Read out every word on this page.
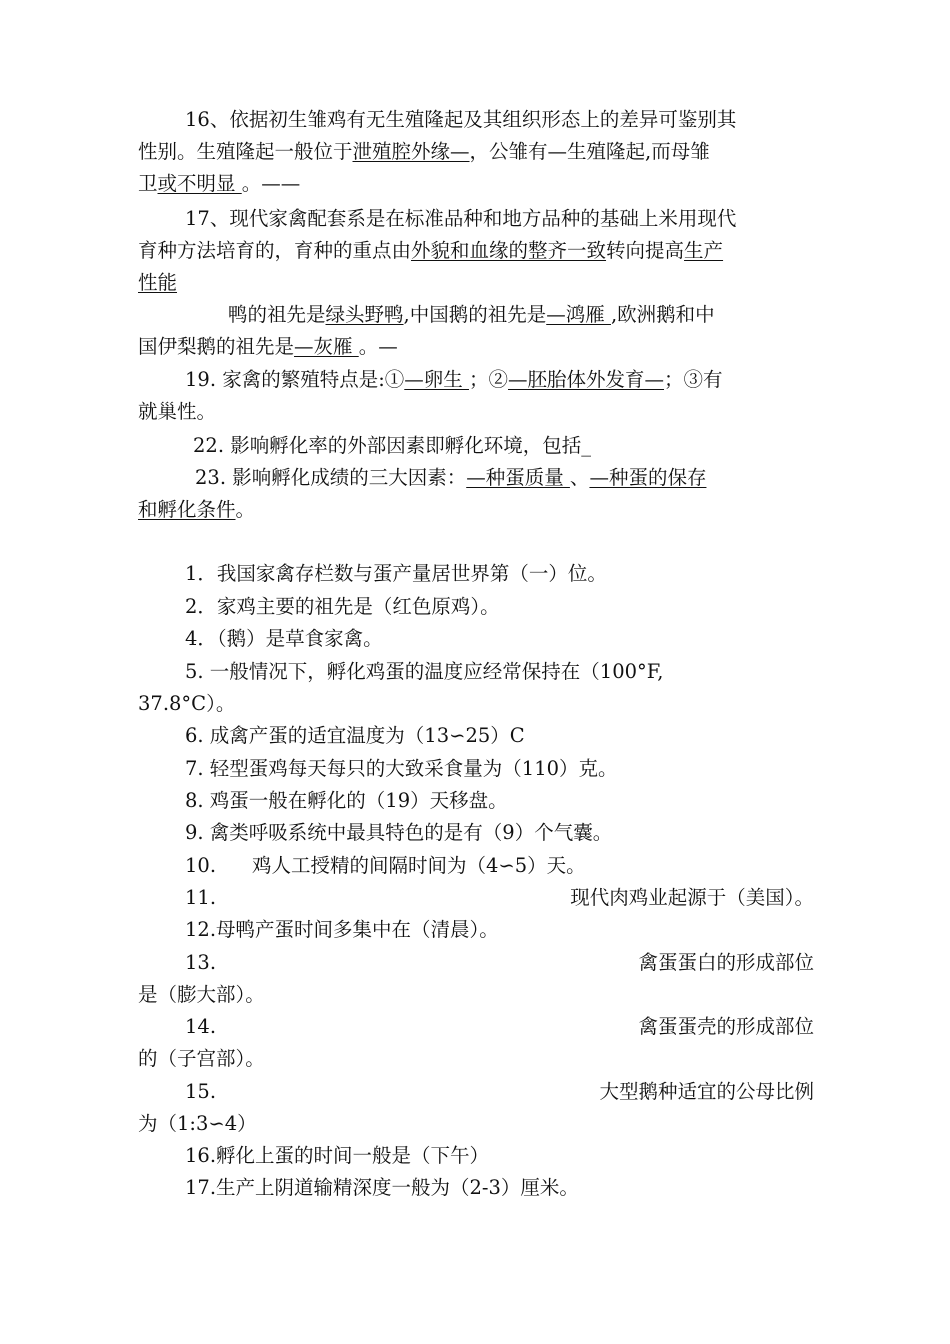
16、依据初生雏鸡有无生殖隆起及其组织形态上的差异可鉴别其
性别。生殖隆起一般位于泄殖腔外缘—，公雏有—生殖隆起,而母雏
卫或不明显 。——
17、现代家禽配套系是在标准品种和地方品种的基础上米用现代
育种方法培育的，育种的重点由外貌和血缘的整齐一致转向提高生产
性能
鸭的祖先是绿头野鸭,中国鹅的祖先是—鸿雁 ,欧洲鹅和中
国伊梨鹅的祖先是—灰雁 。—
19. 家禽的繁殖特点是:①—卵生 ；②—胚胎体外发育—；③有
就巢性。
22. 影响孵化率的外部因素即孵化环境，包括_
23. 影响孵化成绩的三大因素：—种蛋质量 、—种蛋的保存
和孵化条件。
1．我国家禽存栏数与蛋产量居世界第（一）位。
2．家鸡主要的祖先是（红色原鸡）。
4．（鹅）是草食家禽。
5. 一般情况下，孵化鸡蛋的温度应经常保持在（100°F,
37.8°C）。
6. 成禽产蛋的适宜温度为（13∽25）C
7. 轻型蛋鸡每天每只的大致采食量为（110）克。
8. 鸡蛋一般在孵化的（19）天移盘。
9. 禽类呼吸系统中最具特色的是有（9）个气囊。
10. 鸡人工授精的间隔时间为（4∽5）天。
11.	现代肉鸡业起源于（美国）。
12.母鸭产蛋时间多集中在（清晨）。
13.	禽蛋蛋白的形成部位
是（膨大部）。
14.	禽蛋蛋壳的形成部位
的（子宫部）。
15.	大型鹅种适宜的公母比例
为（1:3∽4）
16.孵化上蛋的时间一般是（下午）
17.生产上阴道输精深度一般为（2-3）厘米。
